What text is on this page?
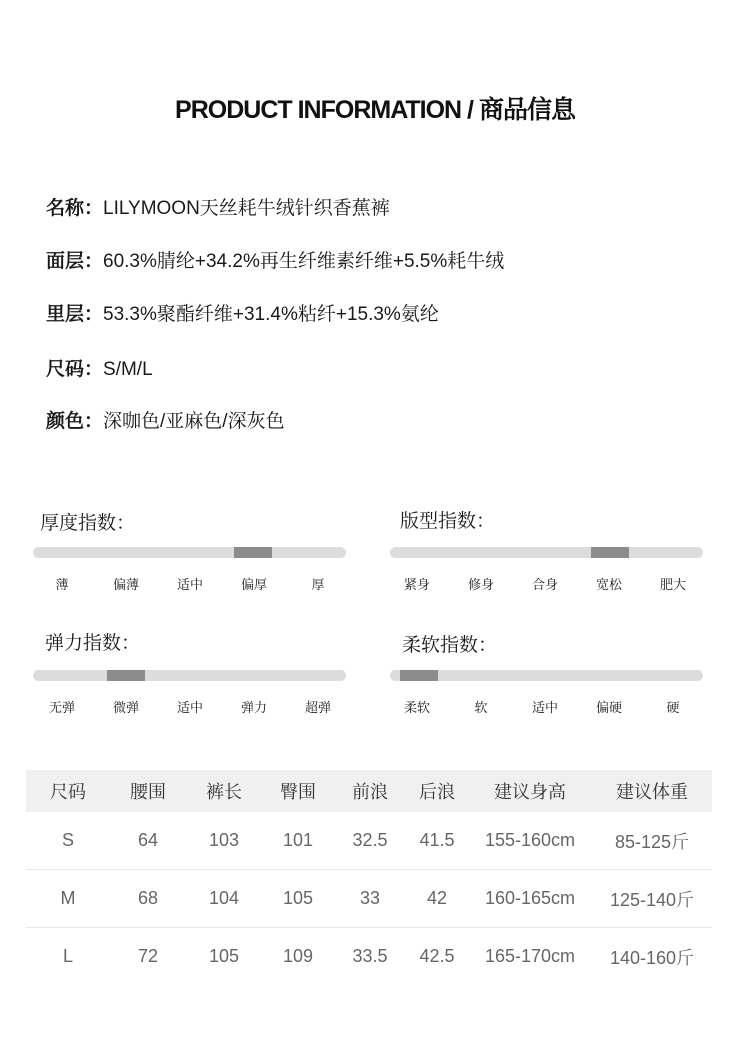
PRODUCT INFORMATION / 商品信息
名称：LILYMOON天丝耗牛绒针织香蕉裤
面层：60.3%腈纶+34.2%再生纤维素纤维+5.5%耗牛绒
里层：53.3%聚酯纤维+31.4%粘纤+15.3%氨纶
尺码：S/M/L
颜色：深咖色/亚麻色/深灰色
厚度指数：
薄	偏薄	适中	偏厚	厚
版型指数：
紧身	修身	合身	宽松	肥大
弹力指数：
无弹	微弹	适中	弹力	超弹
柔软指数：
柔软	软	适中	偏硬	硬
尺码	腰围	裤长	臀围	前浪	后浪	建议身高	建议体重
S	64	103	101	32.5	41.5	155-160cm	85-125斤
M	68	104	105	33	42	160-165cm	125-140斤
L	72	105	109	33.5	42.5	165-170cm	140-160斤
